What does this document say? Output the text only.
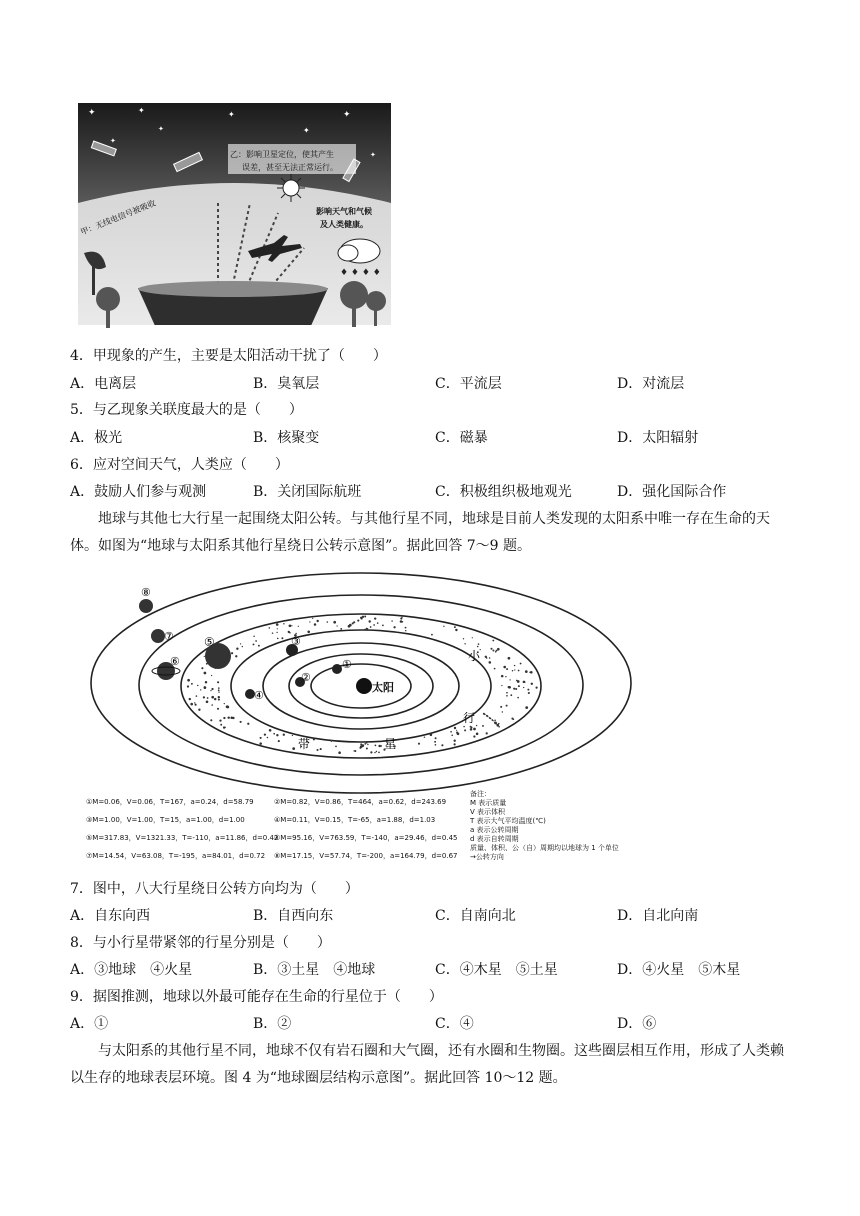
✦	✦
✦
✦
✦
✦
✦
✦
乙：影响卫星定位，使其产生
误差，甚至无法正常运行。
甲：无线电信号被吸收	影响天气和气候
及人类健康。
♦ ♦ ♦ ♦
4．甲现象的产生，主要是太阳活动干扰了（　　）
A．电离层	B．臭氧层	C．平流层	D．对流层
5．与乙现象关联度最大的是（　　）
A．极光	B．核聚变	C．磁暴	D．太阳辐射
6．应对空间天气，人类应（　　）
A．鼓励人们参与观测	B．关闭国际航班	C．积极组织极地观光	D．强化国际合作
地球与其他七大行星一起围绕太阳公转。与其他行星不同，地球是目前人类发现的太阳系中唯一存在生命的天体。如图为“地球与太阳系其他行星绕日公转示意图”。据此回答 7～9 题。
太阳
小
行
星
带
①
②
③
④
⑤
⑥
⑦
⑧
①M=0.06，V=0.06，T=167，a=0.24，d=58.79	②M=0.82，V=0.86，T=464，a=0.62，d=243.69
③M=1.00，V=1.00，T=15，a=1.00，d=1.00	④M=0.11，V=0.15，T=-65，a=1.88，d=1.03
⑤M=317.83，V=1321.33，T=-110，a=11.86，d=0.42
⑥M=95.16，V=763.59，T=-140，a=29.46，d=0.45
⑦M=14.54，V=63.08，T=-195，a=84.01，d=0.72 ⑧M=17.15，V=57.74，T=-200，a=164.79，d=0.67
备注：
M 表示质量
V 表示体积
T 表示大气平均温度(℃)
a 表示公转周期
d 表示自转周期
质量、体积、公（自）周期均以地球为 1 个单位
→公转方向
7．图中，八大行星绕日公转方向均为（　　）
A．自东向西	B．自西向东	C．自南向北	D．自北向南
8．与小行星带紧邻的行星分别是（　　）
A．③地球　④火星	B．③土星　④地球	C．④木星　⑤土星	D．④火星　⑤木星
9．据图推测，地球以外最可能存在生命的行星位于（　　）
A．①	B．②	C．④	D．⑥
与太阳系的其他行星不同，地球不仅有岩石圈和大气圈，还有水圈和生物圈。这些圈层相互作用，形成了人类赖以生存的地球表层环境。图 4 为“地球圈层结构示意图”。据此回答 10～12 题。
